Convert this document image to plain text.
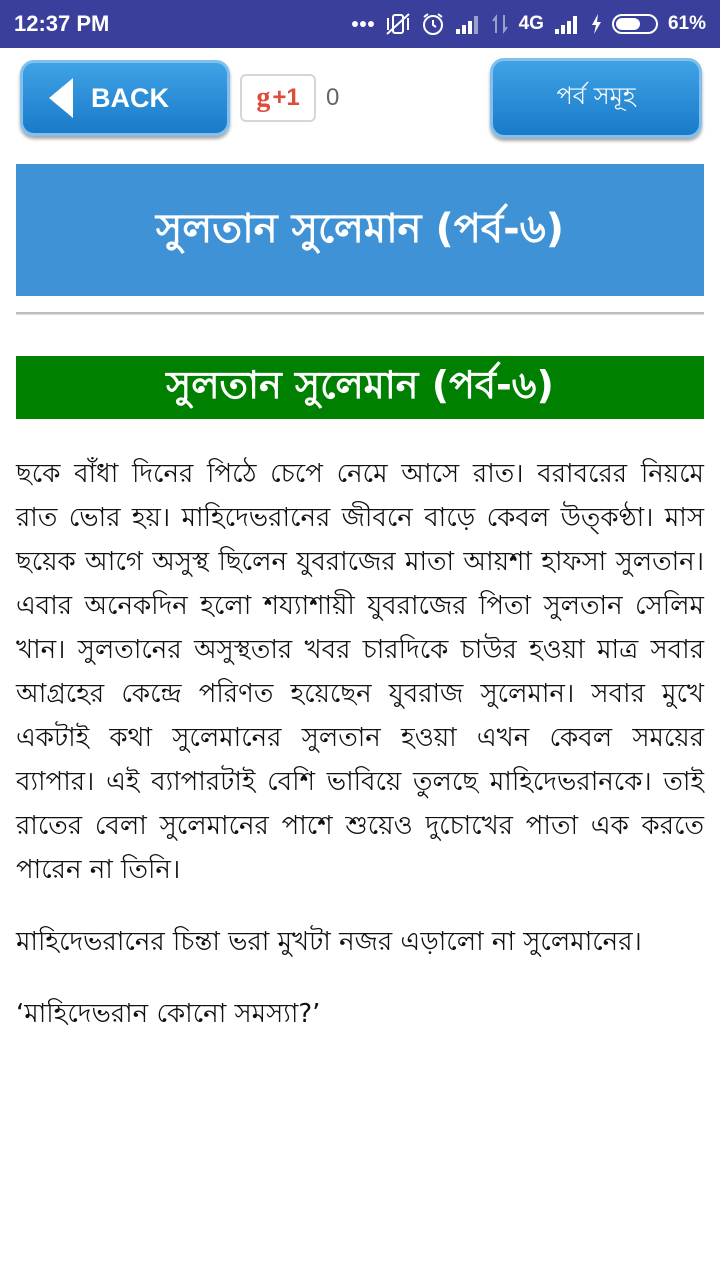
12:37 PM	4G	61%
BACK	g +1 0	পর্ব সমূহ
সুলতান সুলেমান (পর্ব-৬)
সুলতান সুলেমান (পর্ব-৬)

ছকে বাঁধা দিনের পিঠে চেপে নেমে আসে রাত। বরাবরের নিয়মে রাত ভোর হয়। মাহিদেভরানের জীবনে বাড়ে কেবল উত্কণ্ঠা। মাস ছয়েক আগে অসুস্থ ছিলেন যুবরাজের মাতা আয়শা হাফসা সুলতান। এবার অনেকদিন হলো শয্যাশায়ী যুবরাজের পিতা সুলতান সেলিম খান। সুলতানের অসুস্থতার খবর চারদিকে চাউর হওয়া মাত্র সবার আগ্রহের কেন্দ্রে পরিণত হয়েছেন যুবরাজ সুলেমান। সবার মুখে একটাই কথা সুলেমানের সুলতান হওয়া এখন কেবল সময়ের ব্যাপার। এই ব্যাপারটাই বেশি ভাবিয়ে তুলছে মাহিদেভরানকে। তাই রাতের বেলা সুলেমানের পাশে শুয়েও দুচোখের পাতা এক করতে পারেন না তিনি।

মাহিদেভরানের চিন্তা ভরা মুখটা নজর এড়ালো না সুলেমানের।

‘মাহিদেভরান কোনো সমস্যা?’
